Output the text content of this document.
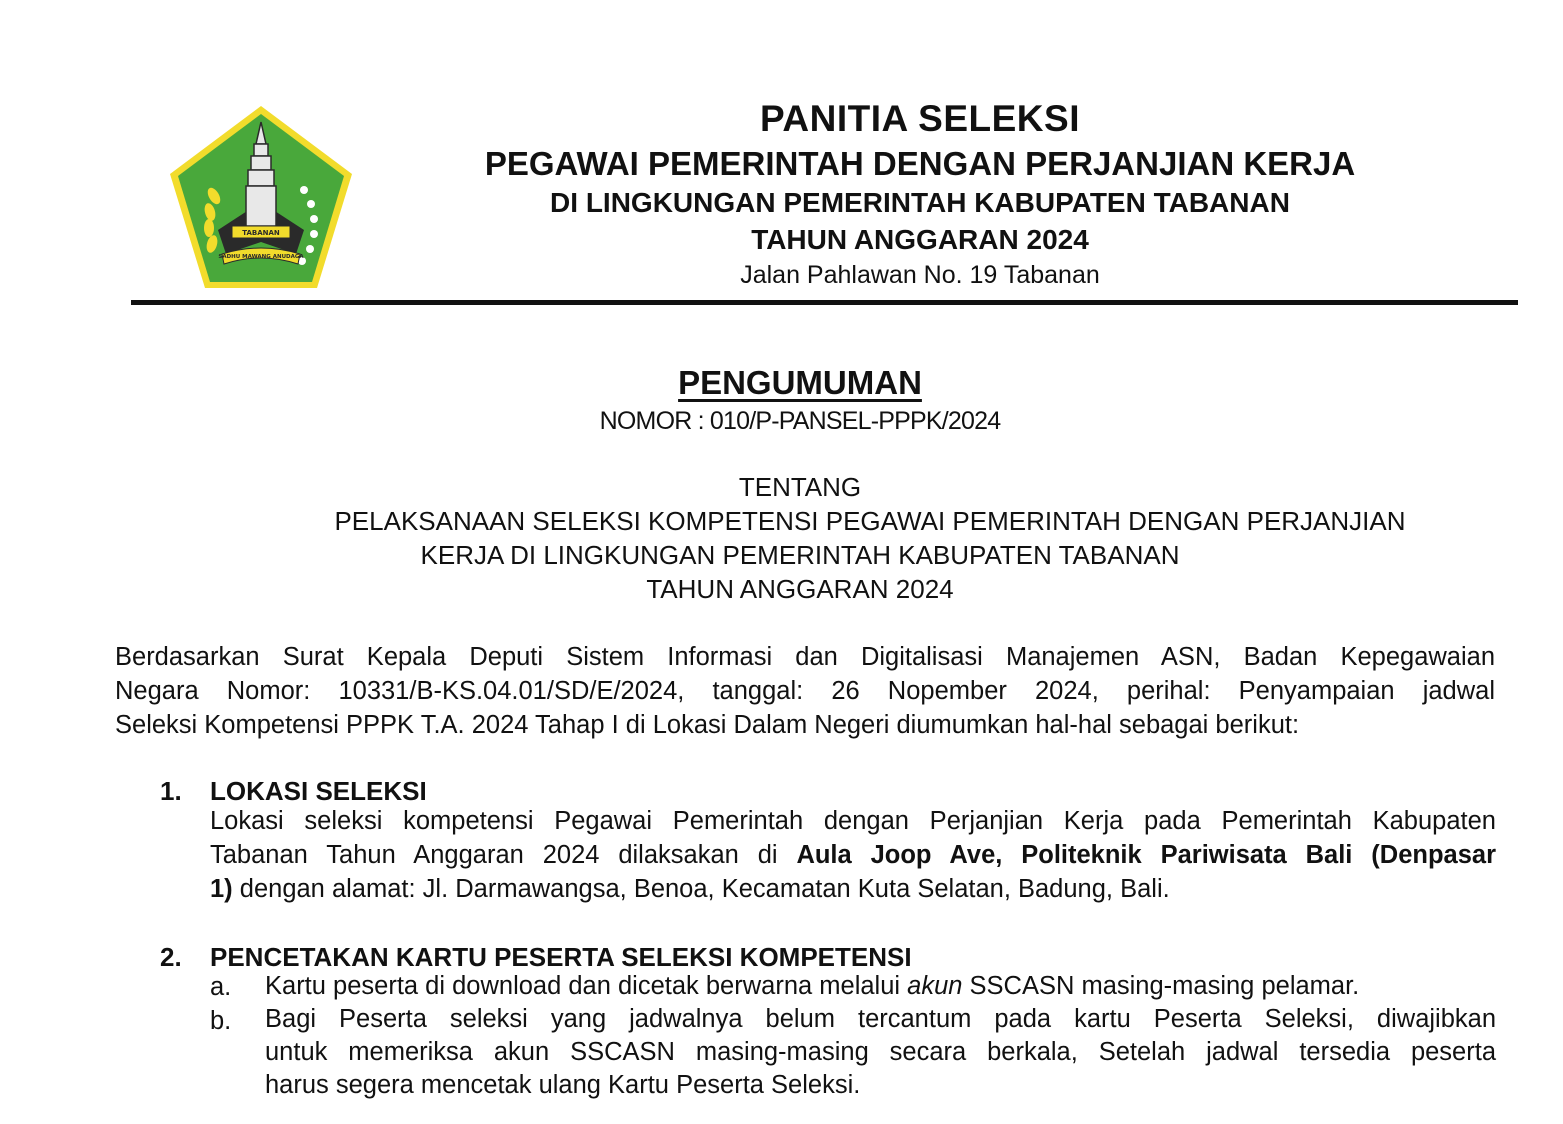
TABANAN
SADHU MAWANG ANUDAGA
PANITIA SELEKSI
PEGAWAI PEMERINTAH DENGAN PERJANJIAN KERJA
DI LINGKUNGAN PEMERINTAH KABUPATEN TABANAN
TAHUN ANGGARAN 2024
Jalan Pahlawan No. 19 Tabanan
PENGUMUMAN
NOMOR : 010/P-PANSEL-PPPK/2024
TENTANG
PELAKSANAAN SELEKSI KOMPETENSI PEGAWAI PEMERINTAH DENGAN PERJANJIAN
KERJA DI LINGKUNGAN PEMERINTAH KABUPATEN TABANAN
TAHUN ANGGARAN 2024
Berdasarkan Surat Kepala Deputi Sistem Informasi dan Digitalisasi Manajemen ASN, Badan Kepegawaian
Negara Nomor: 10331/B-KS.04.01/SD/E/2024, tanggal: 26 Nopember 2024, perihal: Penyampaian jadwal
Seleksi Kompetensi PPPK T.A. 2024 Tahap I di Lokasi Dalam Negeri diumumkan hal-hal sebagai berikut:
1. LOKASI SELEKSI
Lokasi seleksi kompetensi Pegawai Pemerintah dengan Perjanjian Kerja pada Pemerintah Kabupaten
Tabanan Tahun Anggaran 2024 dilaksakan di Aula Joop Ave, Politeknik Pariwisata Bali (Denpasar
1) dengan alamat: Jl. Darmawangsa, Benoa, Kecamatan Kuta Selatan, Badung, Bali.
2. PENCETAKAN KARTU PESERTA SELEKSI KOMPETENSI
a. Kartu peserta di download dan dicetak berwarna melalui akun SSCASN masing-masing pelamar.
b. Bagi Peserta seleksi yang jadwalnya belum tercantum pada kartu Peserta Seleksi, diwajibkan
untuk memeriksa akun SSCASN masing-masing secara berkala, Setelah jadwal tersedia peserta
harus segera mencetak ulang Kartu Peserta Seleksi.
